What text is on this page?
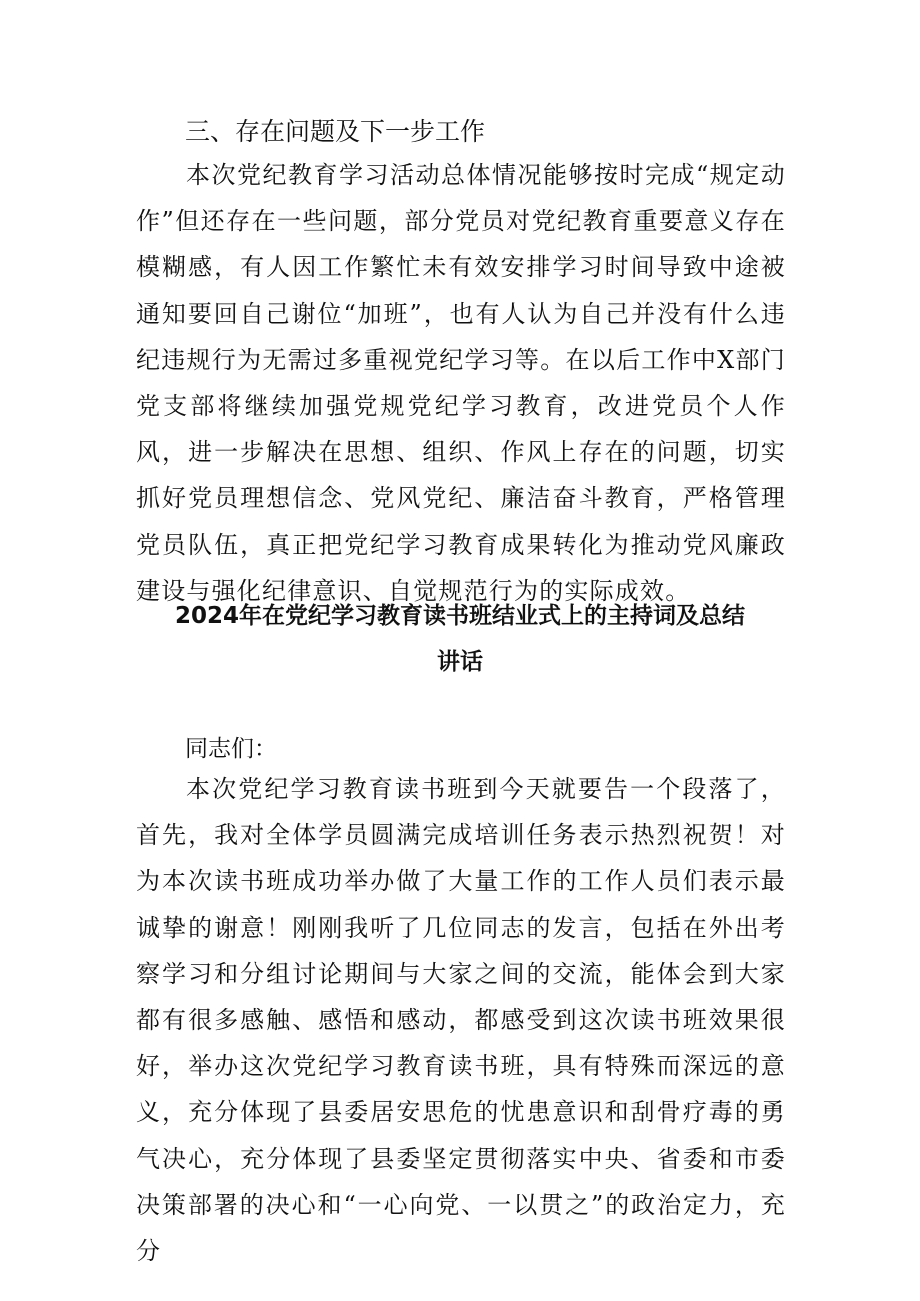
三、存在问题及下一步工作

本次党纪教育学习活动总体情况能够按时完成“规定动作”但还存在一些问题，部分党员对党纪教育重要意义存在模糊感，有人因工作繁忙未有效安排学习时间导致中途被通知要回自己谢位“加班”，也有人认为自己并没有什么违纪违规行为无需过多重视党纪学习等。在以后工作中X部门党支部将继续加强党规党纪学习教育，改进党员个人作风，进一步解决在思想、组织、作风上存在的问题，切实抓好党员理想信念、党风党纪、廉洁奋斗教育，严格管理党员队伍，真正把党纪学习教育成果转化为推动党风廉政建设与强化纪律意识、自觉规范行为的实际成效。

2024年在党纪学习教育读书班结业式上的主持词及总结讲话

同志们：

本次党纪学习教育读书班到今天就要告一个段落了，首先，我对全体学员圆满完成培训任务表示热烈祝贺！对为本次读书班成功举办做了大量工作的工作人员们表示最诚挚的谢意！刚刚我听了几位同志的发言，包括在外出考察学习和分组讨论期间与大家之间的交流，能体会到大家都有很多感触、感悟和感动，都感受到这次读书班效果很好，举办这次党纪学习教育读书班，具有特殊而深远的意义，充分体现了县委居安思危的忧患意识和刮骨疗毒的勇气决心，充分体现了县委坚定贯彻落实中央、省委和市委决策部署的决心和“一心向党、一以贯之”的政治定力，充分
